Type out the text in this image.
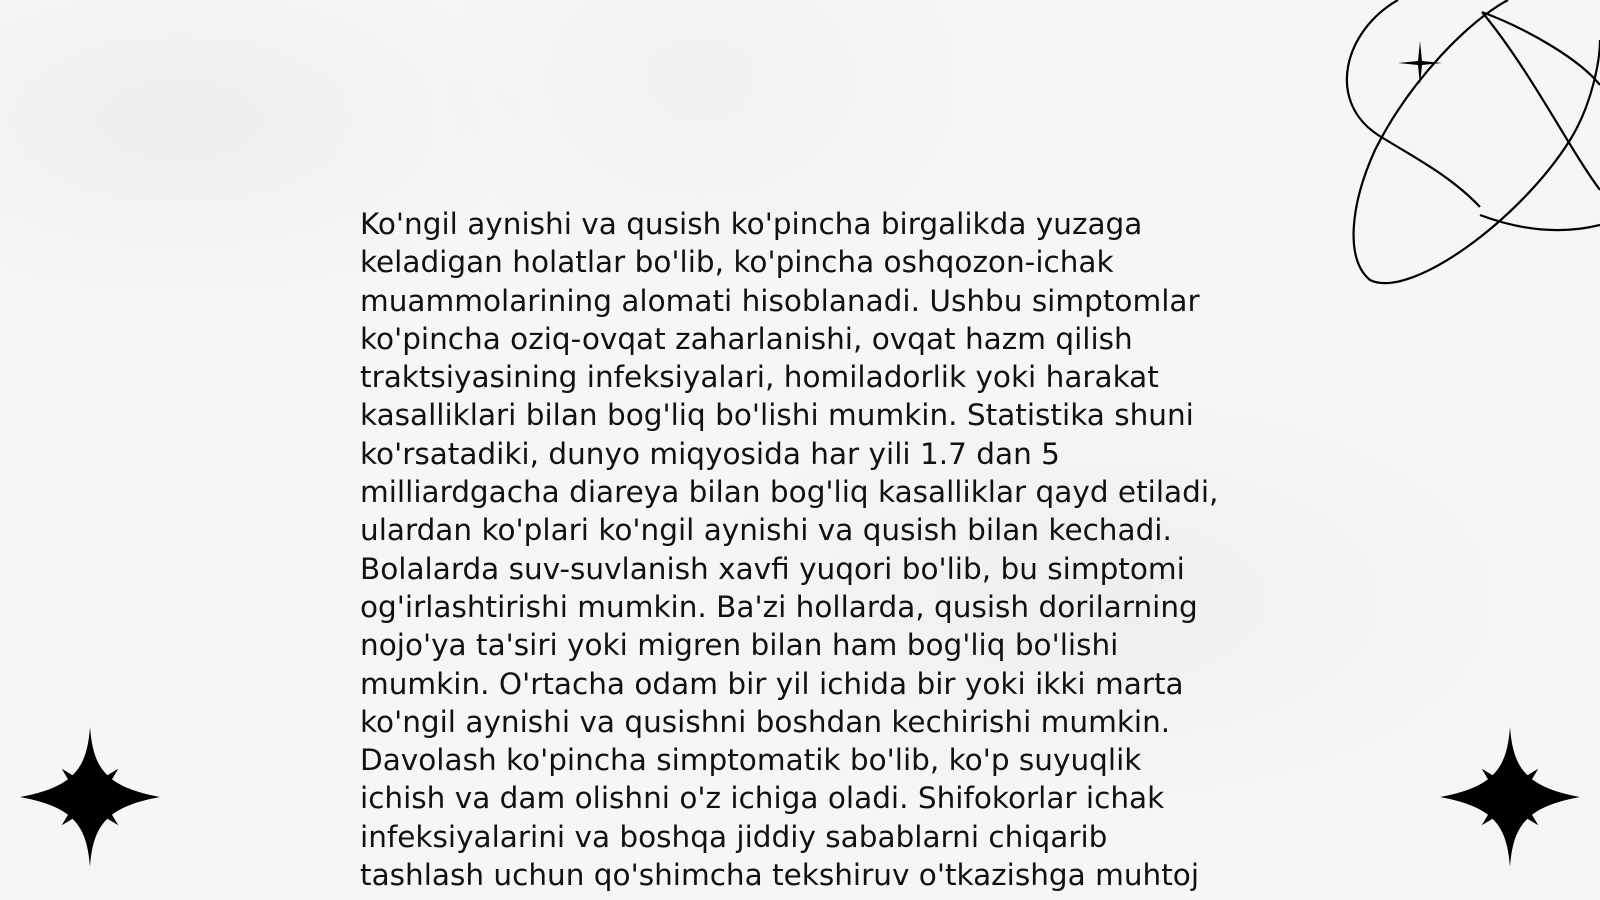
Ko'ngil aynishi va qusish ko'pincha birgalikda yuzaga
keladigan holatlar bo'lib, ko'pincha oshqozon-ichak
muammolarining alomati hisoblanadi. Ushbu simptomlar
ko'pincha oziq-ovqat zaharlanishi, ovqat hazm qilish
traktsiyasining infeksiyalari, homiladorlik yoki harakat
kasalliklari bilan bog'liq bo'lishi mumkin. Statistika shuni
ko'rsatadiki, dunyo miqyosida har yili 1.7 dan 5
milliardgacha diareya bilan bog'liq kasalliklar qayd etiladi,
ulardan ko'plari ko'ngil aynishi va qusish bilan kechadi.
Bolalarda suv-suvlanish xavfi yuqori bo'lib, bu simptomi
og'irlashtirishi mumkin. Ba'zi hollarda, qusish dorilarning
nojo'ya ta'siri yoki migren bilan ham bog'liq bo'lishi
mumkin. O'rtacha odam bir yil ichida bir yoki ikki marta
ko'ngil aynishi va qusishni boshdan kechirishi mumkin.
Davolash ko'pincha simptomatik bo'lib, ko'p suyuqlik
ichish va dam olishni o'z ichiga oladi. Shifokorlar ichak
infeksiyalarini va boshqa jiddiy sabablarni chiqarib
tashlash uchun qo'shimcha tekshiruv o'tkazishga muhtoj
